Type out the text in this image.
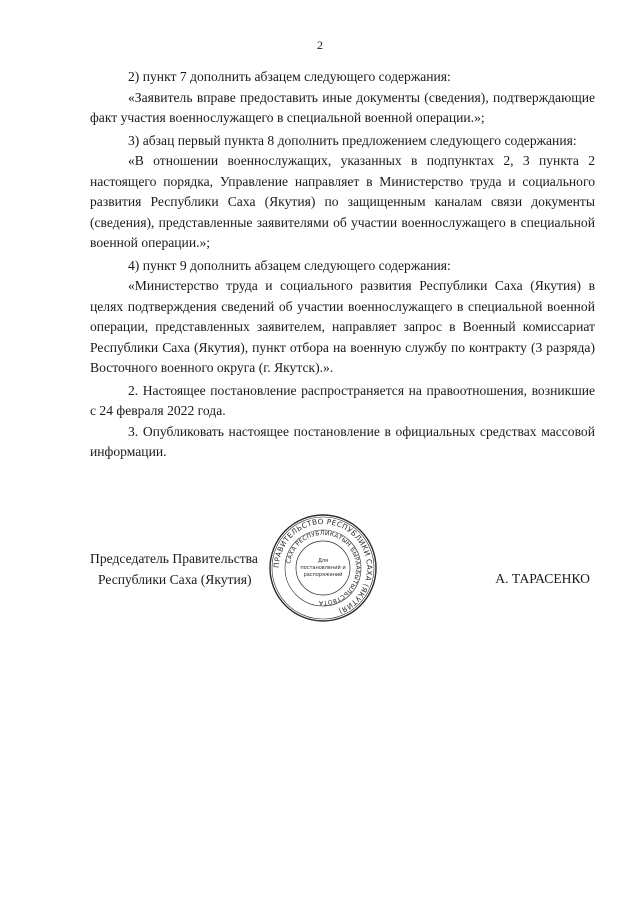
2

2) пункт 7 дополнить абзацем следующего содержания:

«Заявитель вправе предоставить иные документы (сведения), подтверждающие факт участия военнослужащего в специальной военной операции.»;

3) абзац первый пункта 8 дополнить предложением следующего содержания:

«В отношении военнослужащих, указанных в подпунктах 2, 3 пункта 2 настоящего порядка, Управление направляет в Министерство труда и социального развития Республики Саха (Якутия) по защищенным каналам связи документы (сведения), представленные заявителями об участии военнослужащего в специальной военной операции.»;

4) пункт 9 дополнить абзацем следующего содержания:

«Министерство труда и социального развития Республики Саха (Якутия) в целях подтверждения сведений об участии военнослужащего в специальной военной операции, представленных заявителем, направляет запрос в Военный комиссариат Республики Саха (Якутия), пункт отбора на военную службу по контракту (3 разряда) Восточного военного округа (г. Якутск).».

2. Настоящее постановление распространяется на правоотношения, возникшие с 24 февраля 2022 года.

3. Опубликовать настоящее постановление в официальных средствах массовой информации.

Председатель Правительства
Республики Саха (Якутия)
ПРАВИТЕЛЬСТВО РЕСПУБЛИКИ САХА (ЯКУТИЯ)
САХА РЕСПУБЛИКАТЫН БЫРААБЫТЫЛЬСТВОТА
Для
постановлений и
распоряжений	А. ТАРАСЕНКО
